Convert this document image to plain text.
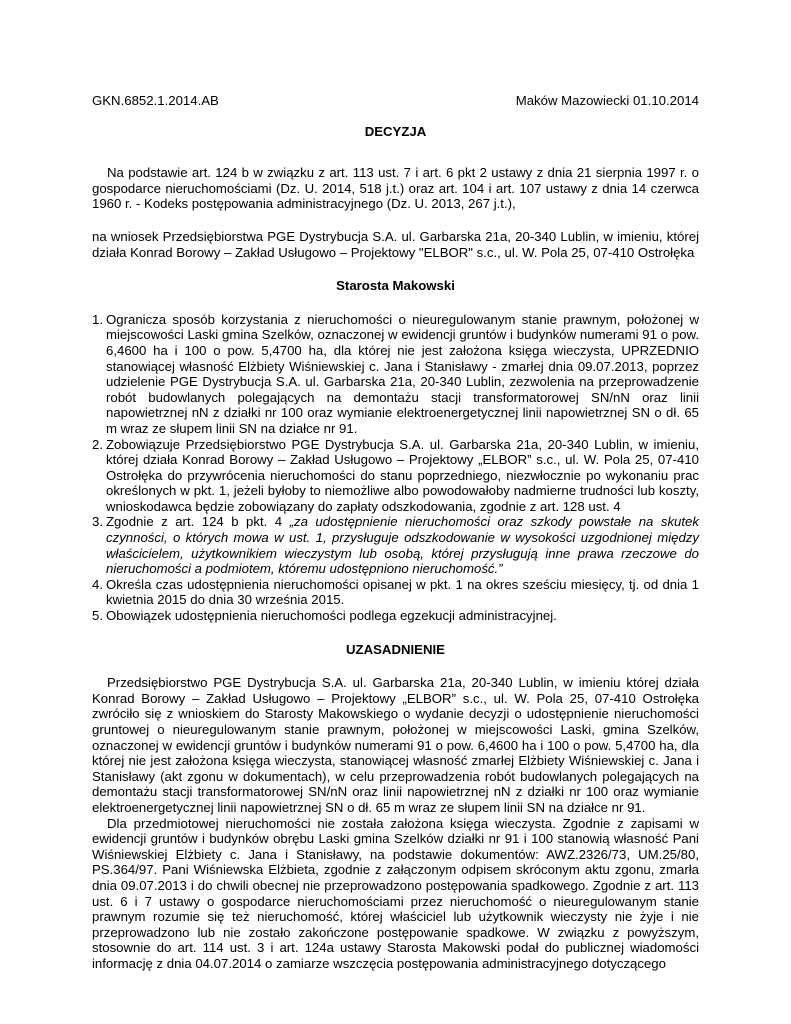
GKN.6852.1.2014.AB	Maków Mazowiecki 01.10.2014

DECYZJA

Na podstawie art. 124 b w związku z art. 113 ust. 7 i art. 6 pkt 2 ustawy z dnia 21 sierpnia 1997 r. o gospodarce nieruchomościami (Dz. U. 2014, 518 j.t.) oraz art. 104 i art. 107 ustawy z dnia 14 czerwca 1960 r. - Kodeks postępowania administracyjnego (Dz. U. 2013, 267 j.t.),

na wniosek Przedsiębiorstwa PGE Dystrybucja S.A. ul. Garbarska 21a, 20-340 Lublin, w imieniu, której działa Konrad Borowy – Zakład Usługowo – Projektowy "ELBOR" s.c., ul. W. Pola 25, 07-410 Ostrołęka

Starosta Makowski

1. Ogranicza sposób korzystania z nieruchomości o nieuregulowanym stanie prawnym, położonej w miejscowości Laski gmina Szelków, oznaczonej w ewidencji gruntów i budynków numerami 91 o pow. 6,4600 ha i 100 o pow. 5,4700 ha, dla której nie jest założona księga wieczysta, UPRZEDNIO stanowiącej własność Elżbiety Wiśniewskiej c. Jana i Stanisławy - zmarłej dnia 09.07.2013, poprzez udzielenie PGE Dystrybucja S.A. ul. Garbarska 21a, 20-340 Lublin, zezwolenia na przeprowadzenie robót budowlanych polegających na demontażu stacji transformatorowej SN/nN oraz linii napowietrznej nN z działki nr 100 oraz wymianie elektroenergetycznej linii napowietrznej SN o dł. 65 m wraz ze słupem linii SN na działce nr 91.
2. Zobowiązuje Przedsiębiorstwo PGE Dystrybucja S.A. ul. Garbarska 21a, 20-340 Lublin, w imieniu, której działa Konrad Borowy – Zakład Usługowo – Projektowy „ELBOR” s.c., ul. W. Pola 25, 07-410 Ostrołęka do przywrócenia nieruchomości do stanu poprzedniego, niezwłocznie po wykonaniu prac określonych w pkt. 1, jeżeli byłoby to niemożliwe albo powodowałoby nadmierne trudności lub koszty, wnioskodawca będzie zobowiązany do zapłaty odszkodowania, zgodnie z art. 128 ust. 4
3. Zgodnie z art. 124 b pkt. 4 „za udostępnienie nieruchomości oraz szkody powstałe na skutek czynności, o których mowa w ust. 1, przysługuje odszkodowanie w wysokości uzgodnionej między właścicielem, użytkownikiem wieczystym lub osobą, której przysługują inne prawa rzeczowe do nieruchomości a podmiotem, któremu udostępniono nieruchomość.”
4. Określa czas udostępnienia nieruchomości opisanej w pkt. 1 na okres sześciu miesięcy, tj. od dnia 1 kwietnia 2015 do dnia 30 września 2015.
5. Obowiązek udostępnienia nieruchomości podlega egzekucji administracyjnej.

UZASADNIENIE

Przedsiębiorstwo PGE Dystrybucja S.A. ul. Garbarska 21a, 20-340 Lublin, w imieniu której działa Konrad Borowy – Zakład Usługowo – Projektowy „ELBOR” s.c., ul. W. Pola 25, 07-410 Ostrołęka zwróciło się z wnioskiem do Starosty Makowskiego o wydanie decyzji o udostępnienie nieruchomości gruntowej o nieuregulowanym stanie prawnym, położonej w miejscowości Laski, gmina Szelków, oznaczonej w ewidencji gruntów i budynków numerami 91 o pow. 6,4600 ha i 100 o pow. 5,4700 ha, dla której nie jest założona księga wieczysta, stanowiącej własność zmarłej Elżbiety Wiśniewskiej c. Jana i Stanisławy (akt zgonu w dokumentach), w celu przeprowadzenia robót budowlanych polegających na demontażu stacji transformatorowej SN/nN oraz linii napowietrznej nN z działki nr 100 oraz wymianie elektroenergetycznej linii napowietrznej SN o dł. 65 m wraz ze słupem linii SN na działce nr 91.

Dla przedmiotowej nieruchomości nie została założona księga wieczysta. Zgodnie z zapisami w ewidencji gruntów i budynków obrębu Laski gmina Szelków działki nr 91 i 100 stanowią własność Pani Wiśniewskiej Elżbiety c. Jana i Stanisławy, na podstawie dokumentów: AWZ.2326/73, UM.25/80, PS.364/97. Pani Wiśniewska Elżbieta, zgodnie z załączonym odpisem skróconym aktu zgonu, zmarła dnia 09.07.2013 i do chwili obecnej nie przeprowadzono postępowania spadkowego. Zgodnie z art. 113 ust. 6 i 7 ustawy o gospodarce nieruchomościami przez nieruchomość o nieuregulowanym stanie prawnym rozumie się też nieruchomość, której właściciel lub użytkownik wieczysty nie żyje i nie przeprowadzono lub nie zostało zakończone postępowanie spadkowe. W związku z powyższym, stosownie do art. 114 ust. 3 i art. 124a ustawy Starosta Makowski podał do publicznej wiadomości informację z dnia 04.07.2014 o zamiarze wszczęcia postępowania administracyjnego dotyczącego
